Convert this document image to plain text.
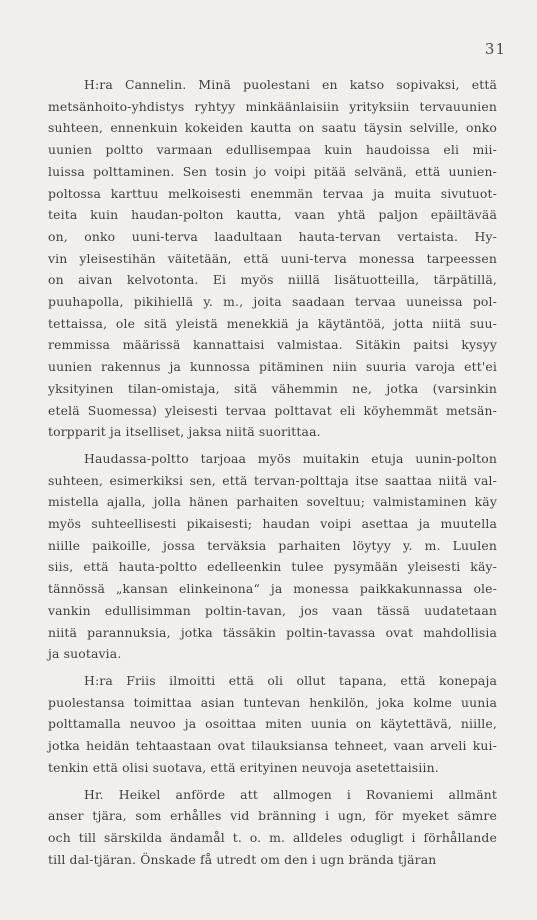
31
H:ra Cannelin. Minä puolestani en katso sopivaksi, että
metsänhoito-yhdistys ryhtyy minkäänlaisiin yrityksiin tervauunien
suhteen, ennenkuin kokeiden kautta on saatu täysin selville, onko
uunien poltto varmaan edullisempaa kuin haudoissa eli mii-
luissa polttaminen. Sen tosin jo voipi pitää selvänä, että uunien-
poltossa karttuu melkoisesti enemmän tervaa ja muita sivutuot-
teita kuin haudan-polton kautta, vaan yhtä paljon epäiltävää
on, onko uuni-terva laadultaan hauta-tervan vertaista. Hy-
vin yleisestihän väitetään, että uuni-terva monessa tarpeessen
on aivan kelvotonta. Ei myös niillä lisätuotteilla, tärpätillä,
puuhapolla, pikihiellä y. m., joita saadaan tervaa uuneissa pol-
tettaissa, ole sitä yleistä menekkiä ja käytäntöä, jotta niitä suu-
remmissa määrissä kannattaisi valmistaa. Sitäkin paitsi kysyy
uunien rakennus ja kunnossa pitäminen niin suuria varoja ett'ei
yksityinen tilan-omistaja, sitä vähemmin ne, jotka (varsinkin
etelä Suomessa) yleisesti tervaa polttavat eli köyhemmät metsän-
torpparit ja itselliset, jaksa niitä suorittaa.
Haudassa-poltto tarjoaa myös muitakin etuja uunin-polton
suhteen, esimerkiksi sen, että tervan-polttaja itse saattaa niitä val-
mistella ajalla, jolla hänen parhaiten soveltuu; valmistaminen käy
myös suhteellisesti pikaisesti; haudan voipi asettaa ja muutella
niille paikoille, jossa terväksia parhaiten löytyy y. m. Luulen
siis, että hauta-poltto edelleenkin tulee pysymään yleisesti käy-
tännössä „kansan elinkeinona“ ja monessa paikkakunnassa ole-
vankin edullisimman poltin-tavan, jos vaan tässä uudatetaan
niitä parannuksia, jotka tässäkin poltin-tavassa ovat mahdollisia
ja suotavia.
H:ra Friis ilmoitti että oli ollut tapana, että konepaja
puolestansa toimittaa asian tuntevan henkilön, joka kolme uunia
polttamalla neuvoo ja osoittaa miten uunia on käytettävä, niille,
jotka heidän tehtaastaan ovat tilauksiansa tehneet, vaan arveli kui-
tenkin että olisi suotava, että erityinen neuvoja asetettaisiin.
Hr. Heikel anförde att allmogen i Rovaniemi allmänt
anser tjära, som erhålles vid bränning i ugn, för myeket sämre
och till särskilda ändamål t. o. m. alldeles odugligt i förhållande
till dal-tjäran. Önskade få utredt om den i ugn brända tjäran
